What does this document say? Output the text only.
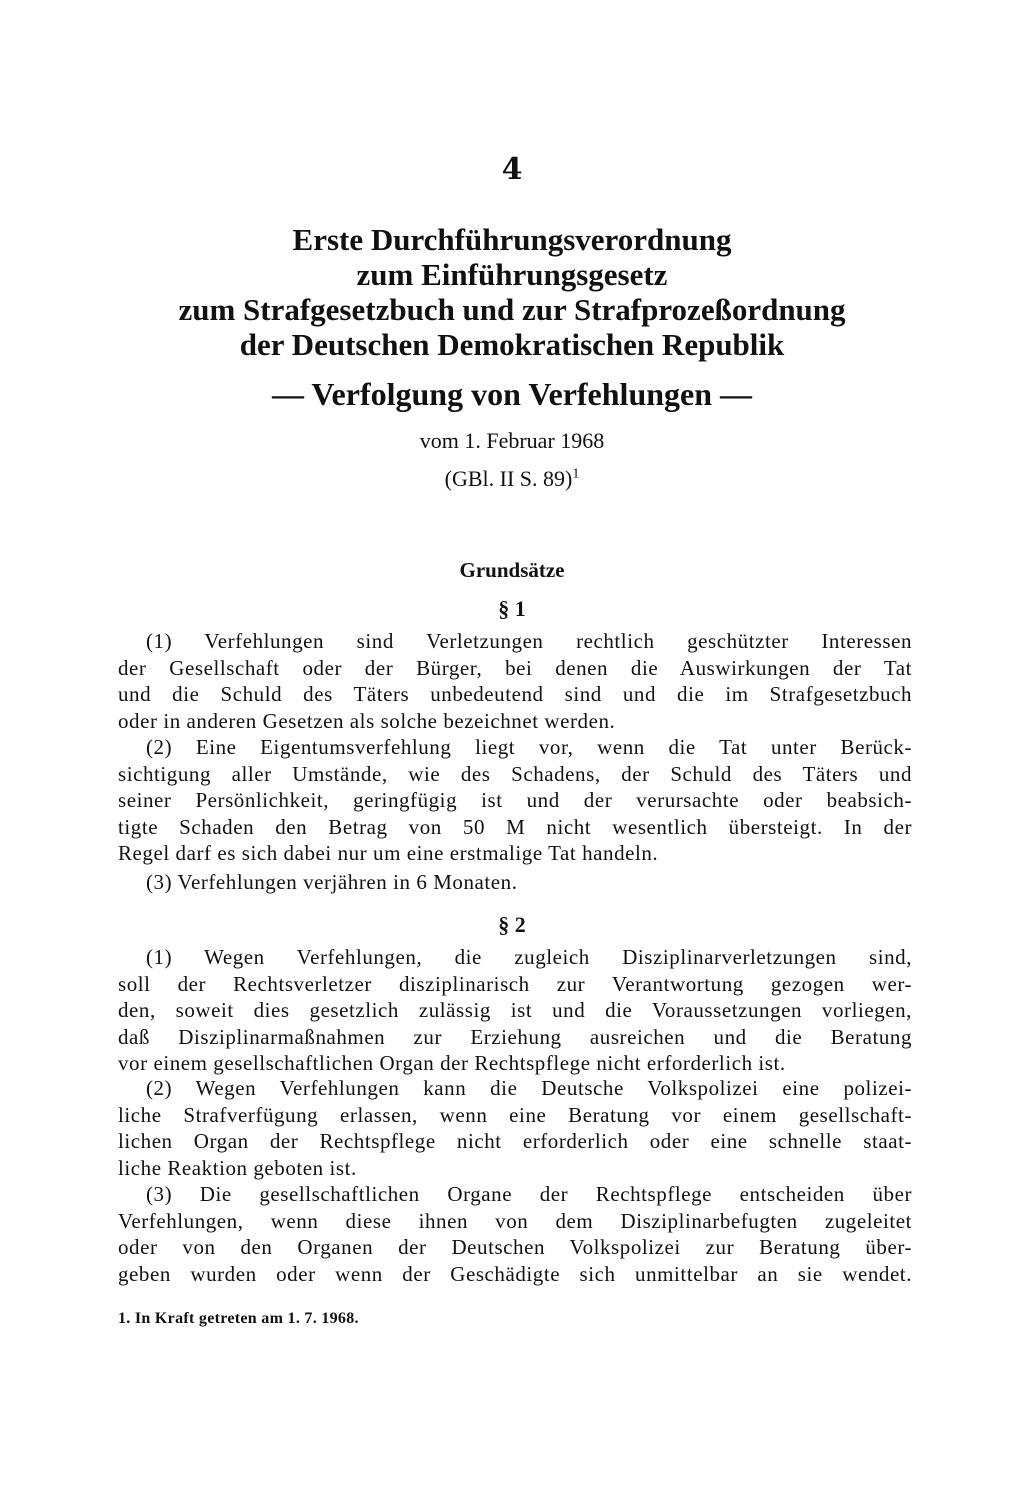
4
Erste Durchführungsverordnung
zum Einführungsgesetz
zum Strafgesetzbuch und zur Strafprozeßordnung
der Deutschen Demokratischen Republik
— Verfolgung von Verfehlungen —
vom 1. Februar 1968
(GBl. II S. 89)$^1$
Grundsätze
§ 1
(1) Verfehlungen sind Verletzungen rechtlich geschützter Interessen
der Gesellschaft oder der Bürger, bei denen die Auswirkungen der Tat
und die Schuld des Täters unbedeutend sind und die im Strafgesetzbuch
oder in anderen Gesetzen als solche bezeichnet werden.
(2) Eine Eigentumsverfehlung liegt vor, wenn die Tat unter Berück-
sichtigung aller Umstände, wie des Schadens, der Schuld des Täters und
seiner Persönlichkeit, geringfügig ist und der verursachte oder beabsich-
tigte Schaden den Betrag von 50 M nicht wesentlich übersteigt. In der
Regel darf es sich dabei nur um eine erstmalige Tat handeln.
(3) Verfehlungen verjähren in 6 Monaten.
§ 2
(1) Wegen Verfehlungen, die zugleich Disziplinarverletzungen sind,
soll der Rechtsverletzer disziplinarisch zur Verantwortung gezogen wer-
den, soweit dies gesetzlich zulässig ist und die Voraussetzungen vorliegen,
daß Disziplinarmaßnahmen zur Erziehung ausreichen und die Beratung
vor einem gesellschaftlichen Organ der Rechtspflege nicht erforderlich ist.
(2) Wegen Verfehlungen kann die Deutsche Volkspolizei eine polizei-
liche Strafverfügung erlassen, wenn eine Beratung vor einem gesellschaft-
lichen Organ der Rechtspflege nicht erforderlich oder eine schnelle staat-
liche Reaktion geboten ist.
(3) Die gesellschaftlichen Organe der Rechtspflege entscheiden über
Verfehlungen, wenn diese ihnen von dem Disziplinarbefugten zugeleitet
oder von den Organen der Deutschen Volkspolizei zur Beratung über-
geben wurden oder wenn der Geschädigte sich unmittelbar an sie wendet.
1. In Kraft getreten am 1. 7. 1968.
